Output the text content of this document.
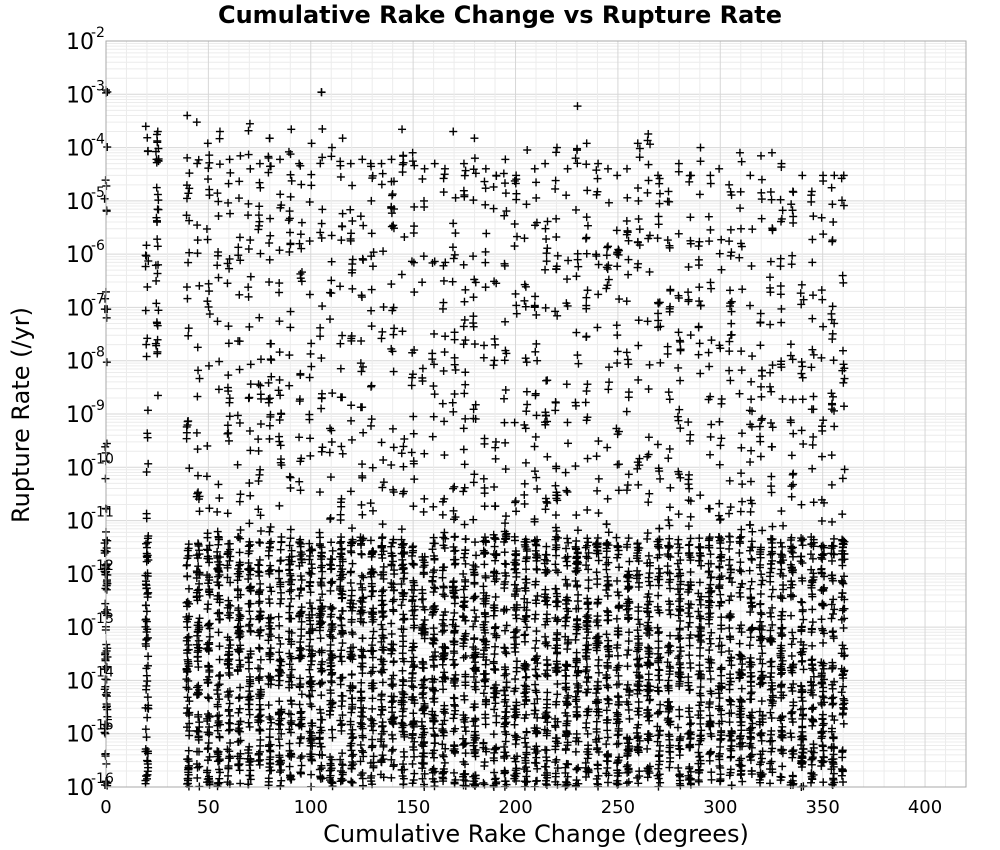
0	50	100	150	200	250	300	350	400
10
-2
10
-3
10
-4
10
-5
10
-6
10
-7
10
-8
10
-9
10
-10
10
-11
10
-12
10
-13
10
-14
10
-15
10
-16
Cumulative Rake Change vs Rupture Rate
Cumulative Rake Change (degrees)
Rupture Rate (/yr)
